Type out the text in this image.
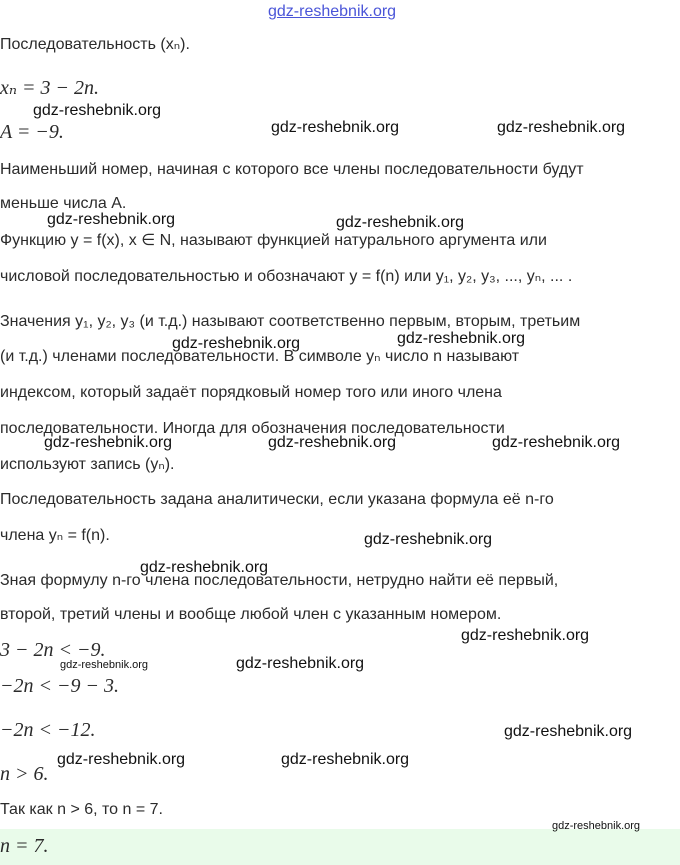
Последовательность (xₙ).
xₙ = 3 − 2n.
A = −9.
Наименьший номер, начиная с которого все члены последовательности будут
меньше числа A.
Функцию y = f(x), x ∈ N, называют функцией натурального аргумента или
числовой последовательностью и обозначают y = f(n) или y₁, y₂, y₃, ..., yₙ, ... .
Значения y₁, y₂, y₃ (и т.д.) называют соответственно первым, вторым, третьим
(и т.д.) членами последовательности. В символе yₙ число n называют
индексом, который задаёт порядковый номер того или иного члена
последовательности. Иногда для обозначения последовательности
используют запись (yₙ).
Последовательность задана аналитически, если указана формула её n-го
члена yₙ = f(n).
Зная формулу n-го члена последовательности, нетрудно найти её первый,
второй, третий члены и вообще любой член с указанным номером.
3 − 2n < −9.
−2n < −9 − 3.
−2n < −12.
n > 6.
Так как n > 6, то n = 7.
n = 7.
gdz-reshebnik.org
gdz-reshebnik.org
gdz-reshebnik.org	gdz-reshebnik.org
gdz-reshebnik.org	gdz-reshebnik.org
gdz-reshebnik.org	gdz-reshebnik.org
gdz-reshebnik.org	gdz-reshebnik.org	gdz-reshebnik.org
gdz-reshebnik.org
gdz-reshebnik.org
gdz-reshebnik.org
gdz-reshebnik.org	gdz-reshebnik.org
gdz-reshebnik.org
gdz-reshebnik.org	gdz-reshebnik.org
gdz-reshebnik.org
